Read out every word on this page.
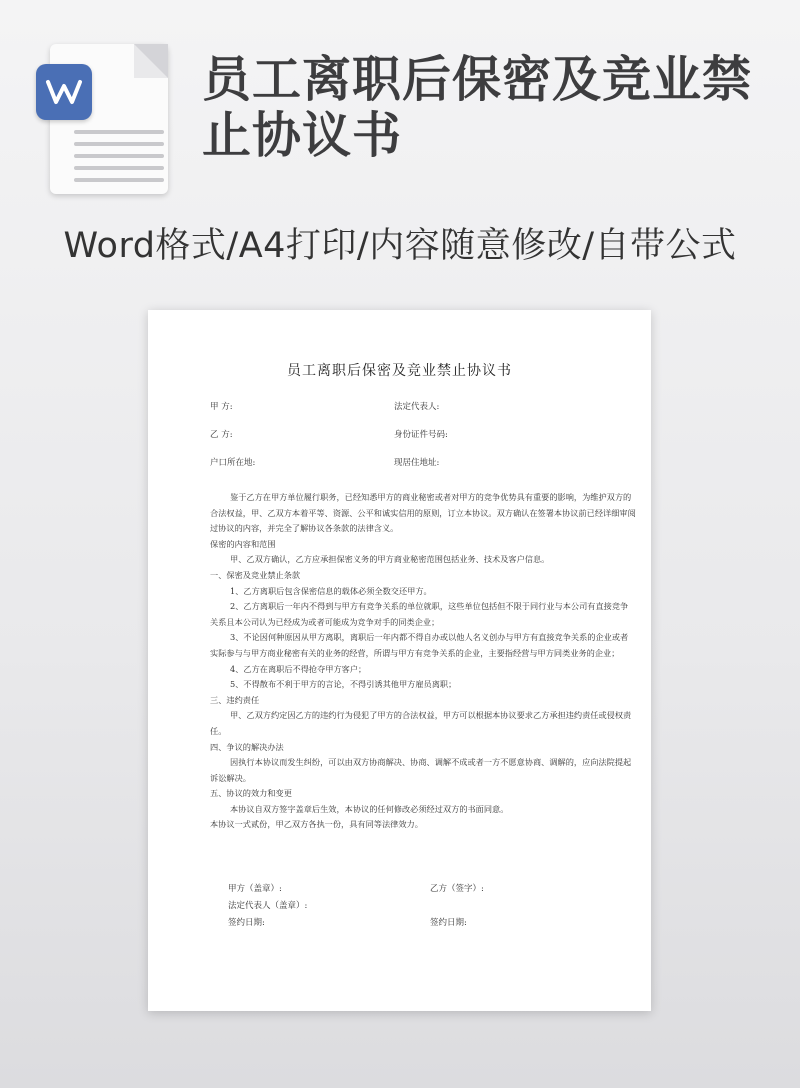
员工离职后保密及竞业禁止协议书
Word格式/A4打印/内容随意修改/自带公式
员工离职后保密及竞业禁止协议书
甲 方:	法定代表人:
乙 方:	身份证件号码:
户口所在地:	现居住地址:

鉴于乙方在甲方单位履行职务，已经知悉甲方的商业秘密或者对甲方的竞争优势具有重要的影响，为维护双方的合法权益，甲、乙双方本着平等、资源、公平和诚实信用的原则，订立本协议。双方确认在签署本协议前已经详细审阅过协议的内容，并完全了解协议各条款的法律含义。

保密的内容和范围

甲、乙双方确认，乙方应承担保密义务的甲方商业秘密范围包括业务、技术及客户信息。

一、保密及竞业禁止条款

1、乙方离职后包含保密信息的载体必须全数交还甲方。

2、乙方离职后一年内不得到与甲方有竞争关系的单位就职，这些单位包括但不限于同行业与本公司有直接竞争关系且本公司认为已经成为或者可能成为竞争对手的同类企业；

3、不论因何种原因从甲方离职，离职后一年内都不得自办或以他人名义创办与甲方有直接竞争关系的企业或者实际参与与甲方商业秘密有关的业务的经营，所谓与甲方有竞争关系的企业，主要指经营与甲方同类业务的企业；

4、乙方在离职后不得抢夺甲方客户；

5、不得散布不利于甲方的言论，不得引诱其他甲方雇员离职；

三、违约责任

甲、乙双方约定因乙方的违约行为侵犯了甲方的合法权益，甲方可以根据本协议要求乙方承担违约责任或侵权责任。

四、争议的解决办法

因执行本协议而发生纠纷，可以由双方协商解决、协商、调解不成或者一方不愿意协商、调解的，应向法院提起诉讼解决。

五、协议的效力和变更

本协议自双方签字盖章后生效，本协议的任何修改必须经过双方的书面同意。

本协议一式贰份，甲乙双方各执一份，具有同等法律效力。

甲方（盖章）:	乙方（签字）:
法定代表人（盖章）:
签约日期:	签约日期:
